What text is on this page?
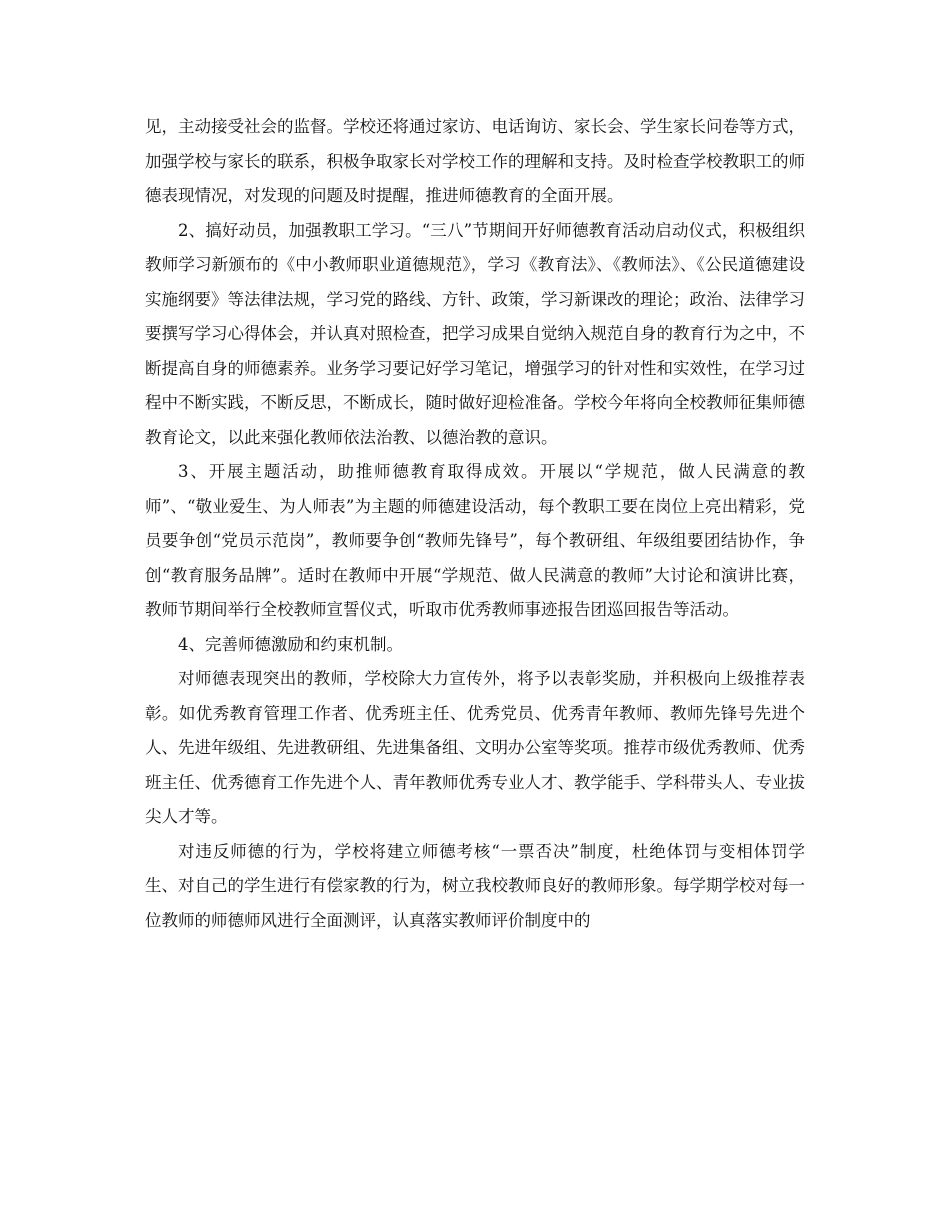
见，主动接受社会的监督。学校还将通过家访、电话询访、家长会、学生家长问卷等方式，加强学校与家长的联系，积极争取家长对学校工作的理解和支持。及时检查学校教职工的师德表现情况，对发现的问题及时提醒，推进师德教育的全面开展。

2、搞好动员，加强教职工学习。“三八”节期间开好师德教育活动启动仪式，积极组织教师学习新颁布的《中小教师职业道德规范》，学习《教育法》、《教师法》、《公民道德建设实施纲要》等法律法规，学习党的路线、方针、政策，学习新课改的理论；政治、法律学习要撰写学习心得体会，并认真对照检查，把学习成果自觉纳入规范自身的教育行为之中，不断提高自身的师德素养。业务学习要记好学习笔记，增强学习的针对性和实效性，在学习过程中不断实践，不断反思，不断成长，随时做好迎检准备。学校今年将向全校教师征集师德教育论文，以此来强化教师依法治教、以德治教的意识。

3、开展主题活动，助推师德教育取得成效。开展以“学规范，做人民满意的教师”、“敬业爱生、为人师表”为主题的师德建设活动，每个教职工要在岗位上亮出精彩，党员要争创“党员示范岗”，教师要争创“教师先锋号”，每个教研组、年级组要团结协作，争创“教育服务品牌”。适时在教师中开展“学规范、做人民满意的教师”大讨论和演讲比赛，教师节期间举行全校教师宣誓仪式，听取市优秀教师事迹报告团巡回报告等活动。

4、完善师德激励和约束机制。

对师德表现突出的教师，学校除大力宣传外，将予以表彰奖励，并积极向上级推荐表彰。如优秀教育管理工作者、优秀班主任、优秀党员、优秀青年教师、教师先锋号先进个人、先进年级组、先进教研组、先进集备组、文明办公室等奖项。推荐市级优秀教师、优秀班主任、优秀德育工作先进个人、青年教师优秀专业人才、教学能手、学科带头人、专业拔尖人才等。

对违反师德的行为，学校将建立师德考核“一票否决”制度，杜绝体罚与变相体罚学生、对自己的学生进行有偿家教的行为，树立我校教师良好的教师形象。每学期学校对每一位教师的师德师风进行全面测评，认真落实教师评价制度中的
